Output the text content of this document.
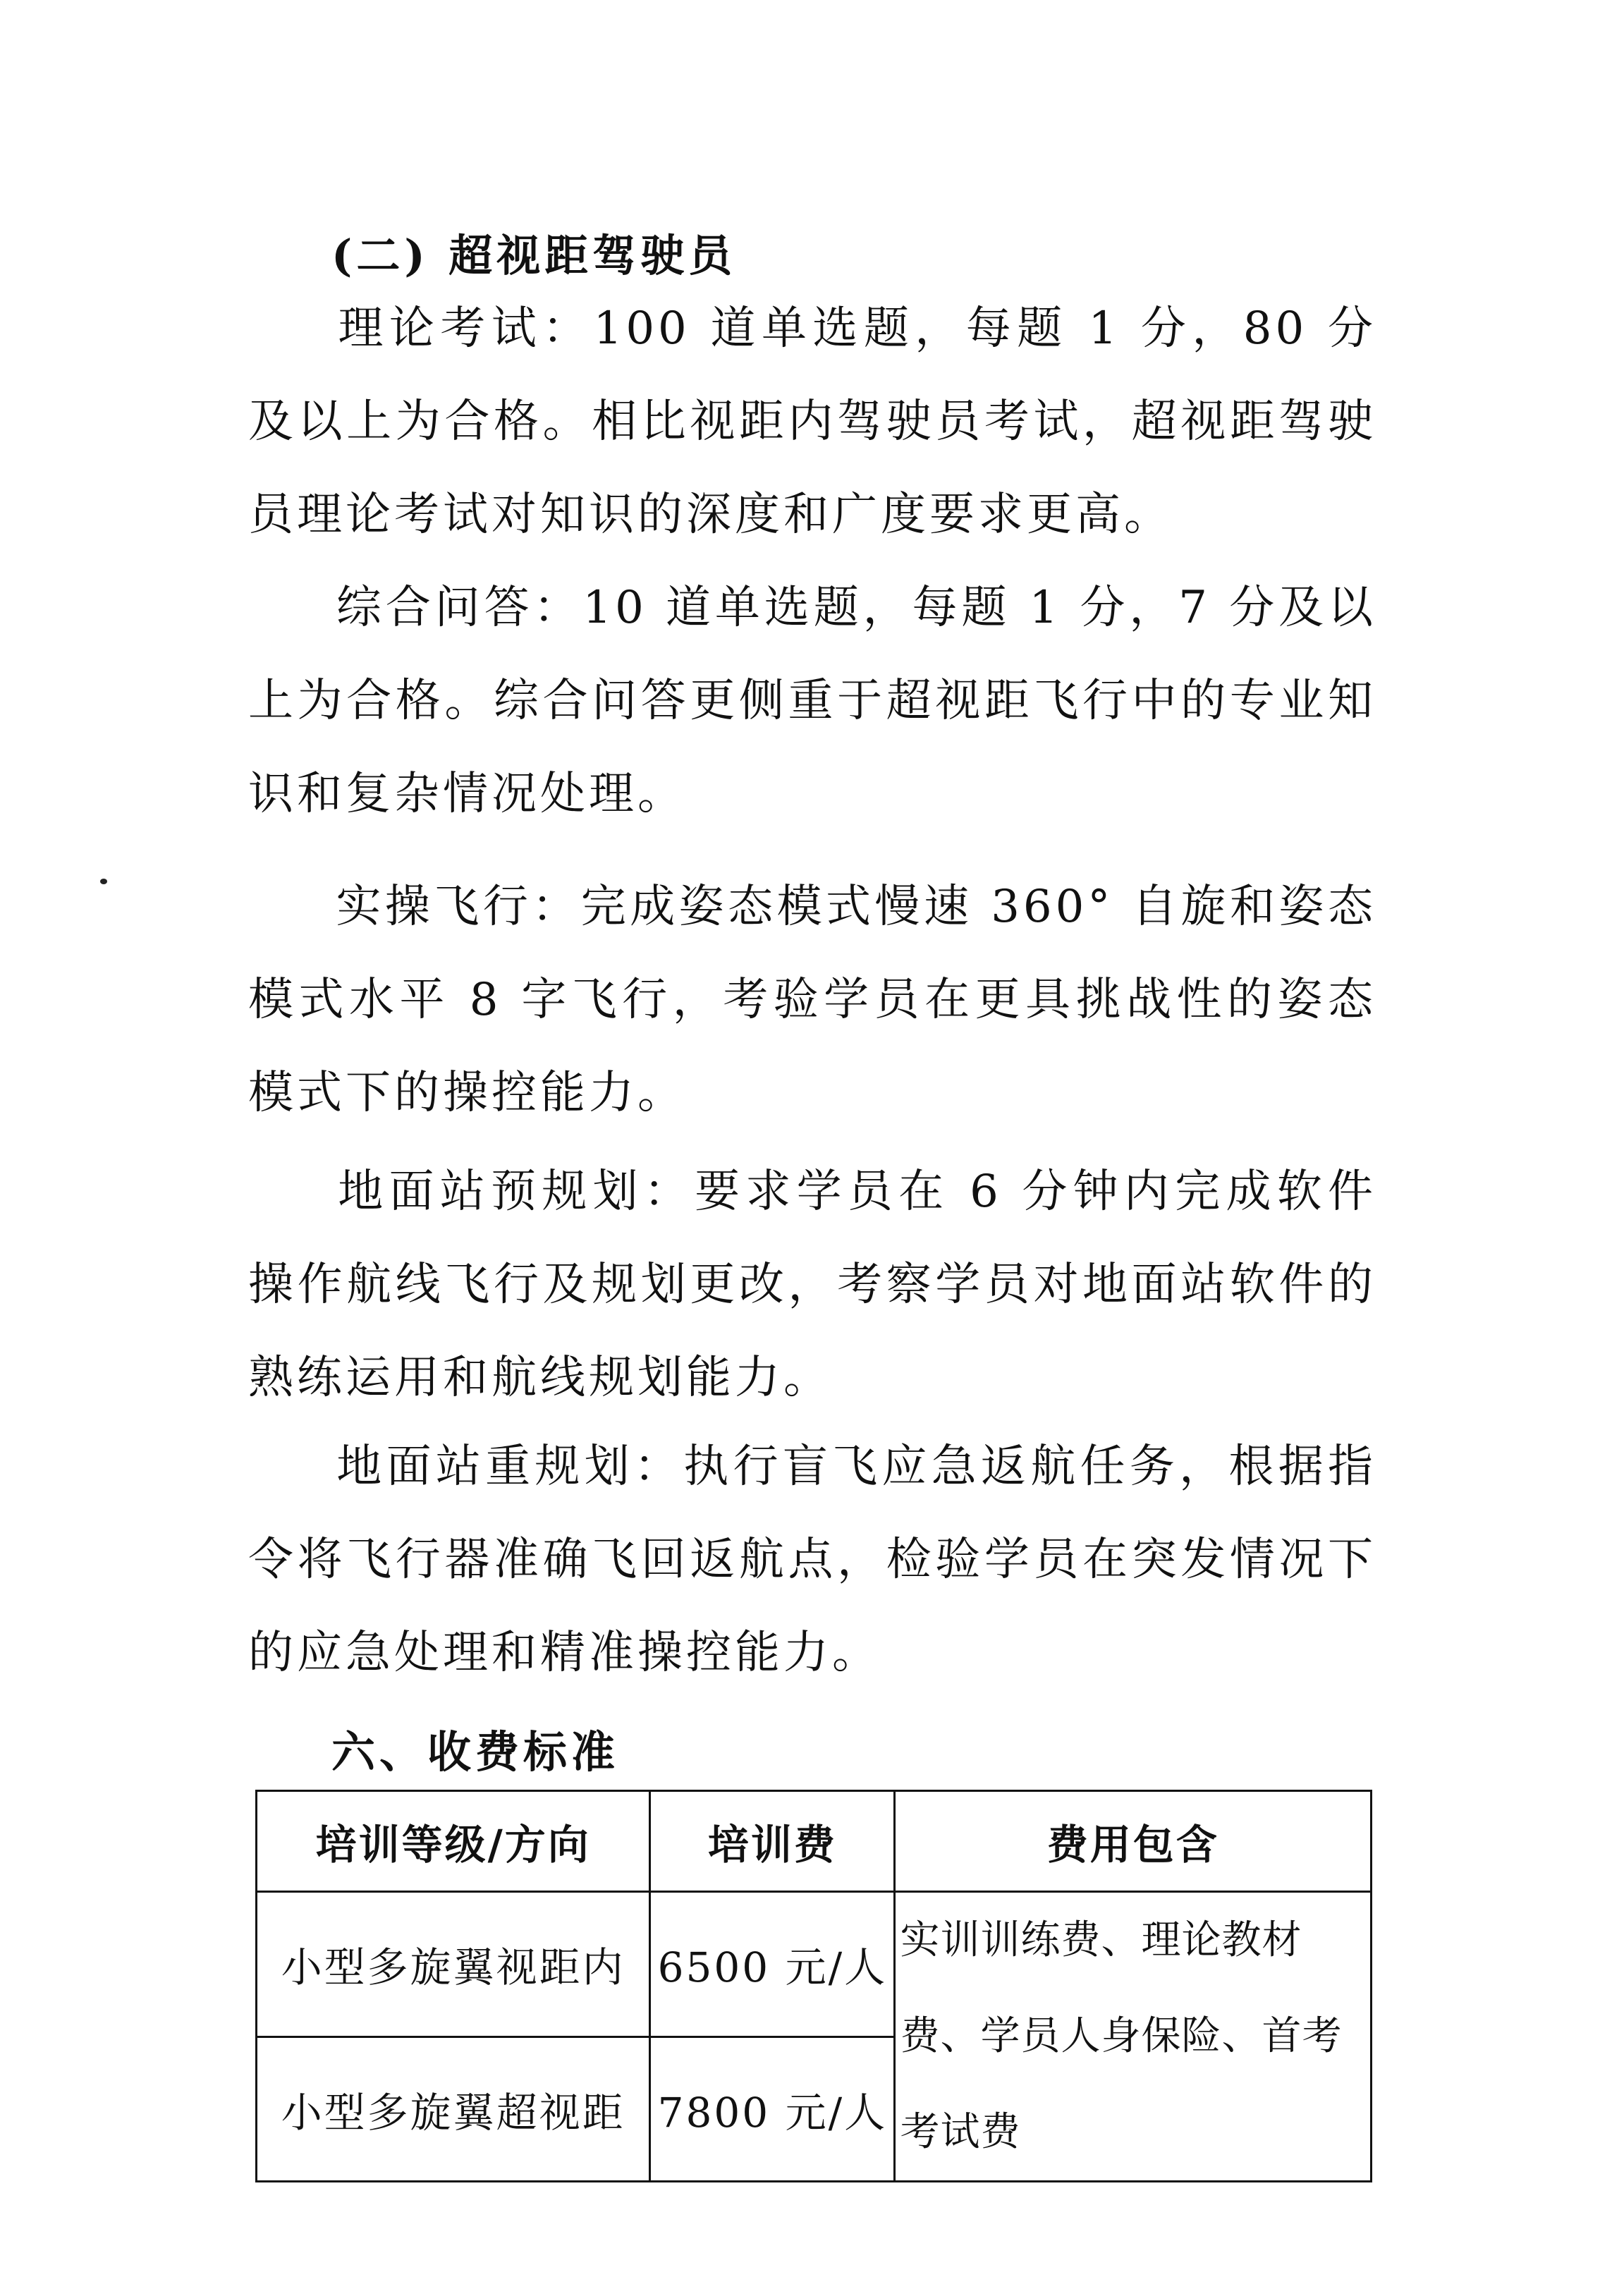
(二) 超视距驾驶员
理论考试：100 道单选题，每题 1 分，80 分及以上为合格。相比视距内驾驶员考试，超视距驾驶员理论考试对知识的深度和广度要求更高。
综合问答：10 道单选题，每题 1 分，7 分及以上为合格。综合问答更侧重于超视距飞行中的专业知识和复杂情况处理。
实操飞行：完成姿态模式慢速 360° 自旋和姿态模式水平 8 字飞行，考验学员在更具挑战性的姿态模式下的操控能力。
地面站预规划：要求学员在 6 分钟内完成软件操作航线飞行及规划更改，考察学员对地面站软件的熟练运用和航线规划能力。
地面站重规划：执行盲飞应急返航任务，根据指令将飞行器准确飞回返航点，检验学员在突发情况下的应急处理和精准操控能力。
六、收费标准
培训等级/方向	培训费	费用包含
小型多旋翼视距内	6500 元/人	实训训练费、理论教材费、学员人身保险、首考考试费
小型多旋翼超视距	7800 元/人	
